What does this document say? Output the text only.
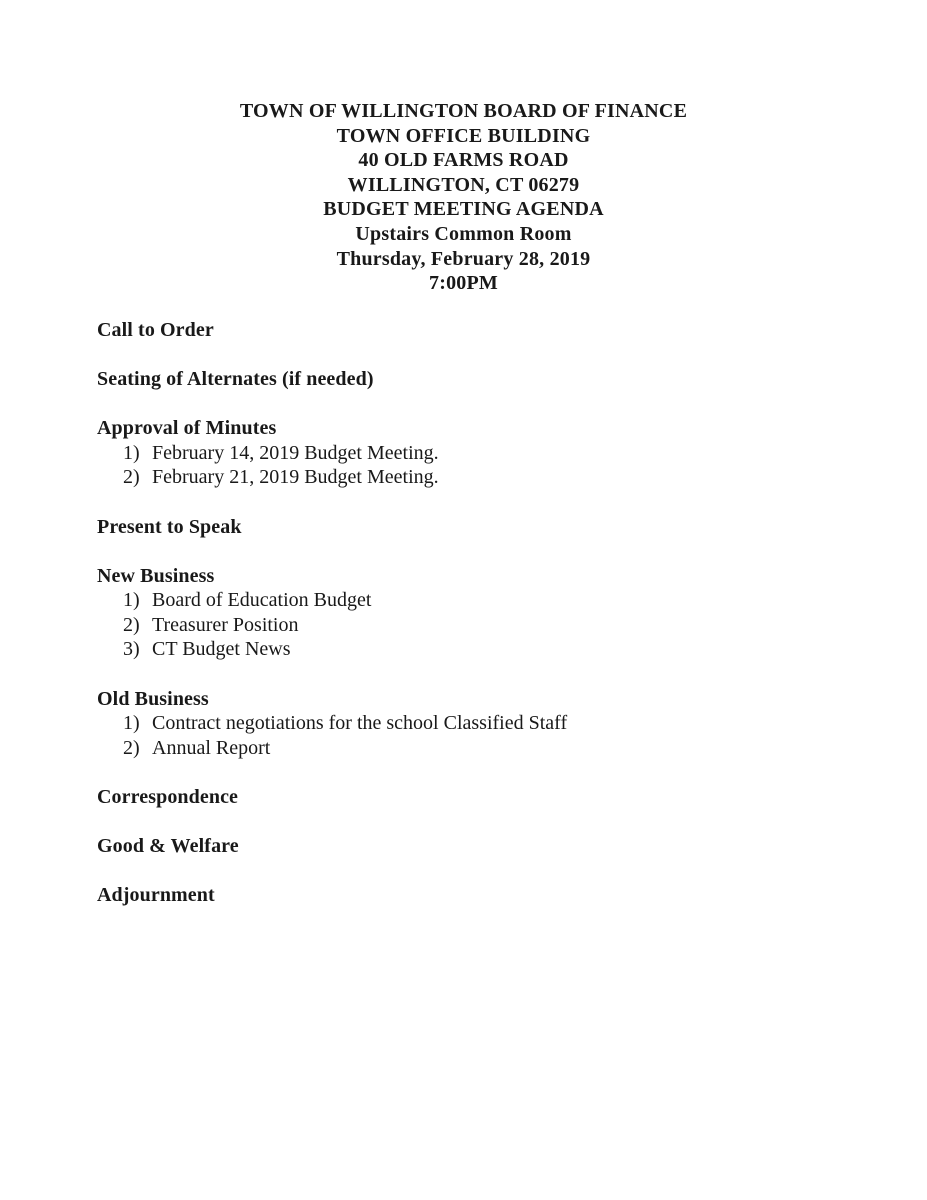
TOWN OF WILLINGTON BOARD OF FINANCE
TOWN OFFICE BUILDING
40 OLD FARMS ROAD
WILLINGTON, CT 06279
BUDGET MEETING AGENDA
Upstairs Common Room
Thursday, February 28, 2019
7:00PM
Call to Order
Seating of Alternates (if needed)
Approval of Minutes
1) February 14, 2019 Budget Meeting.
2) February 21, 2019 Budget Meeting.
Present to Speak
New Business
1) Board of Education Budget
2) Treasurer Position
3) CT Budget News
Old Business
1) Contract negotiations for the school Classified Staff
2) Annual Report
Correspondence
Good & Welfare
Adjournment
